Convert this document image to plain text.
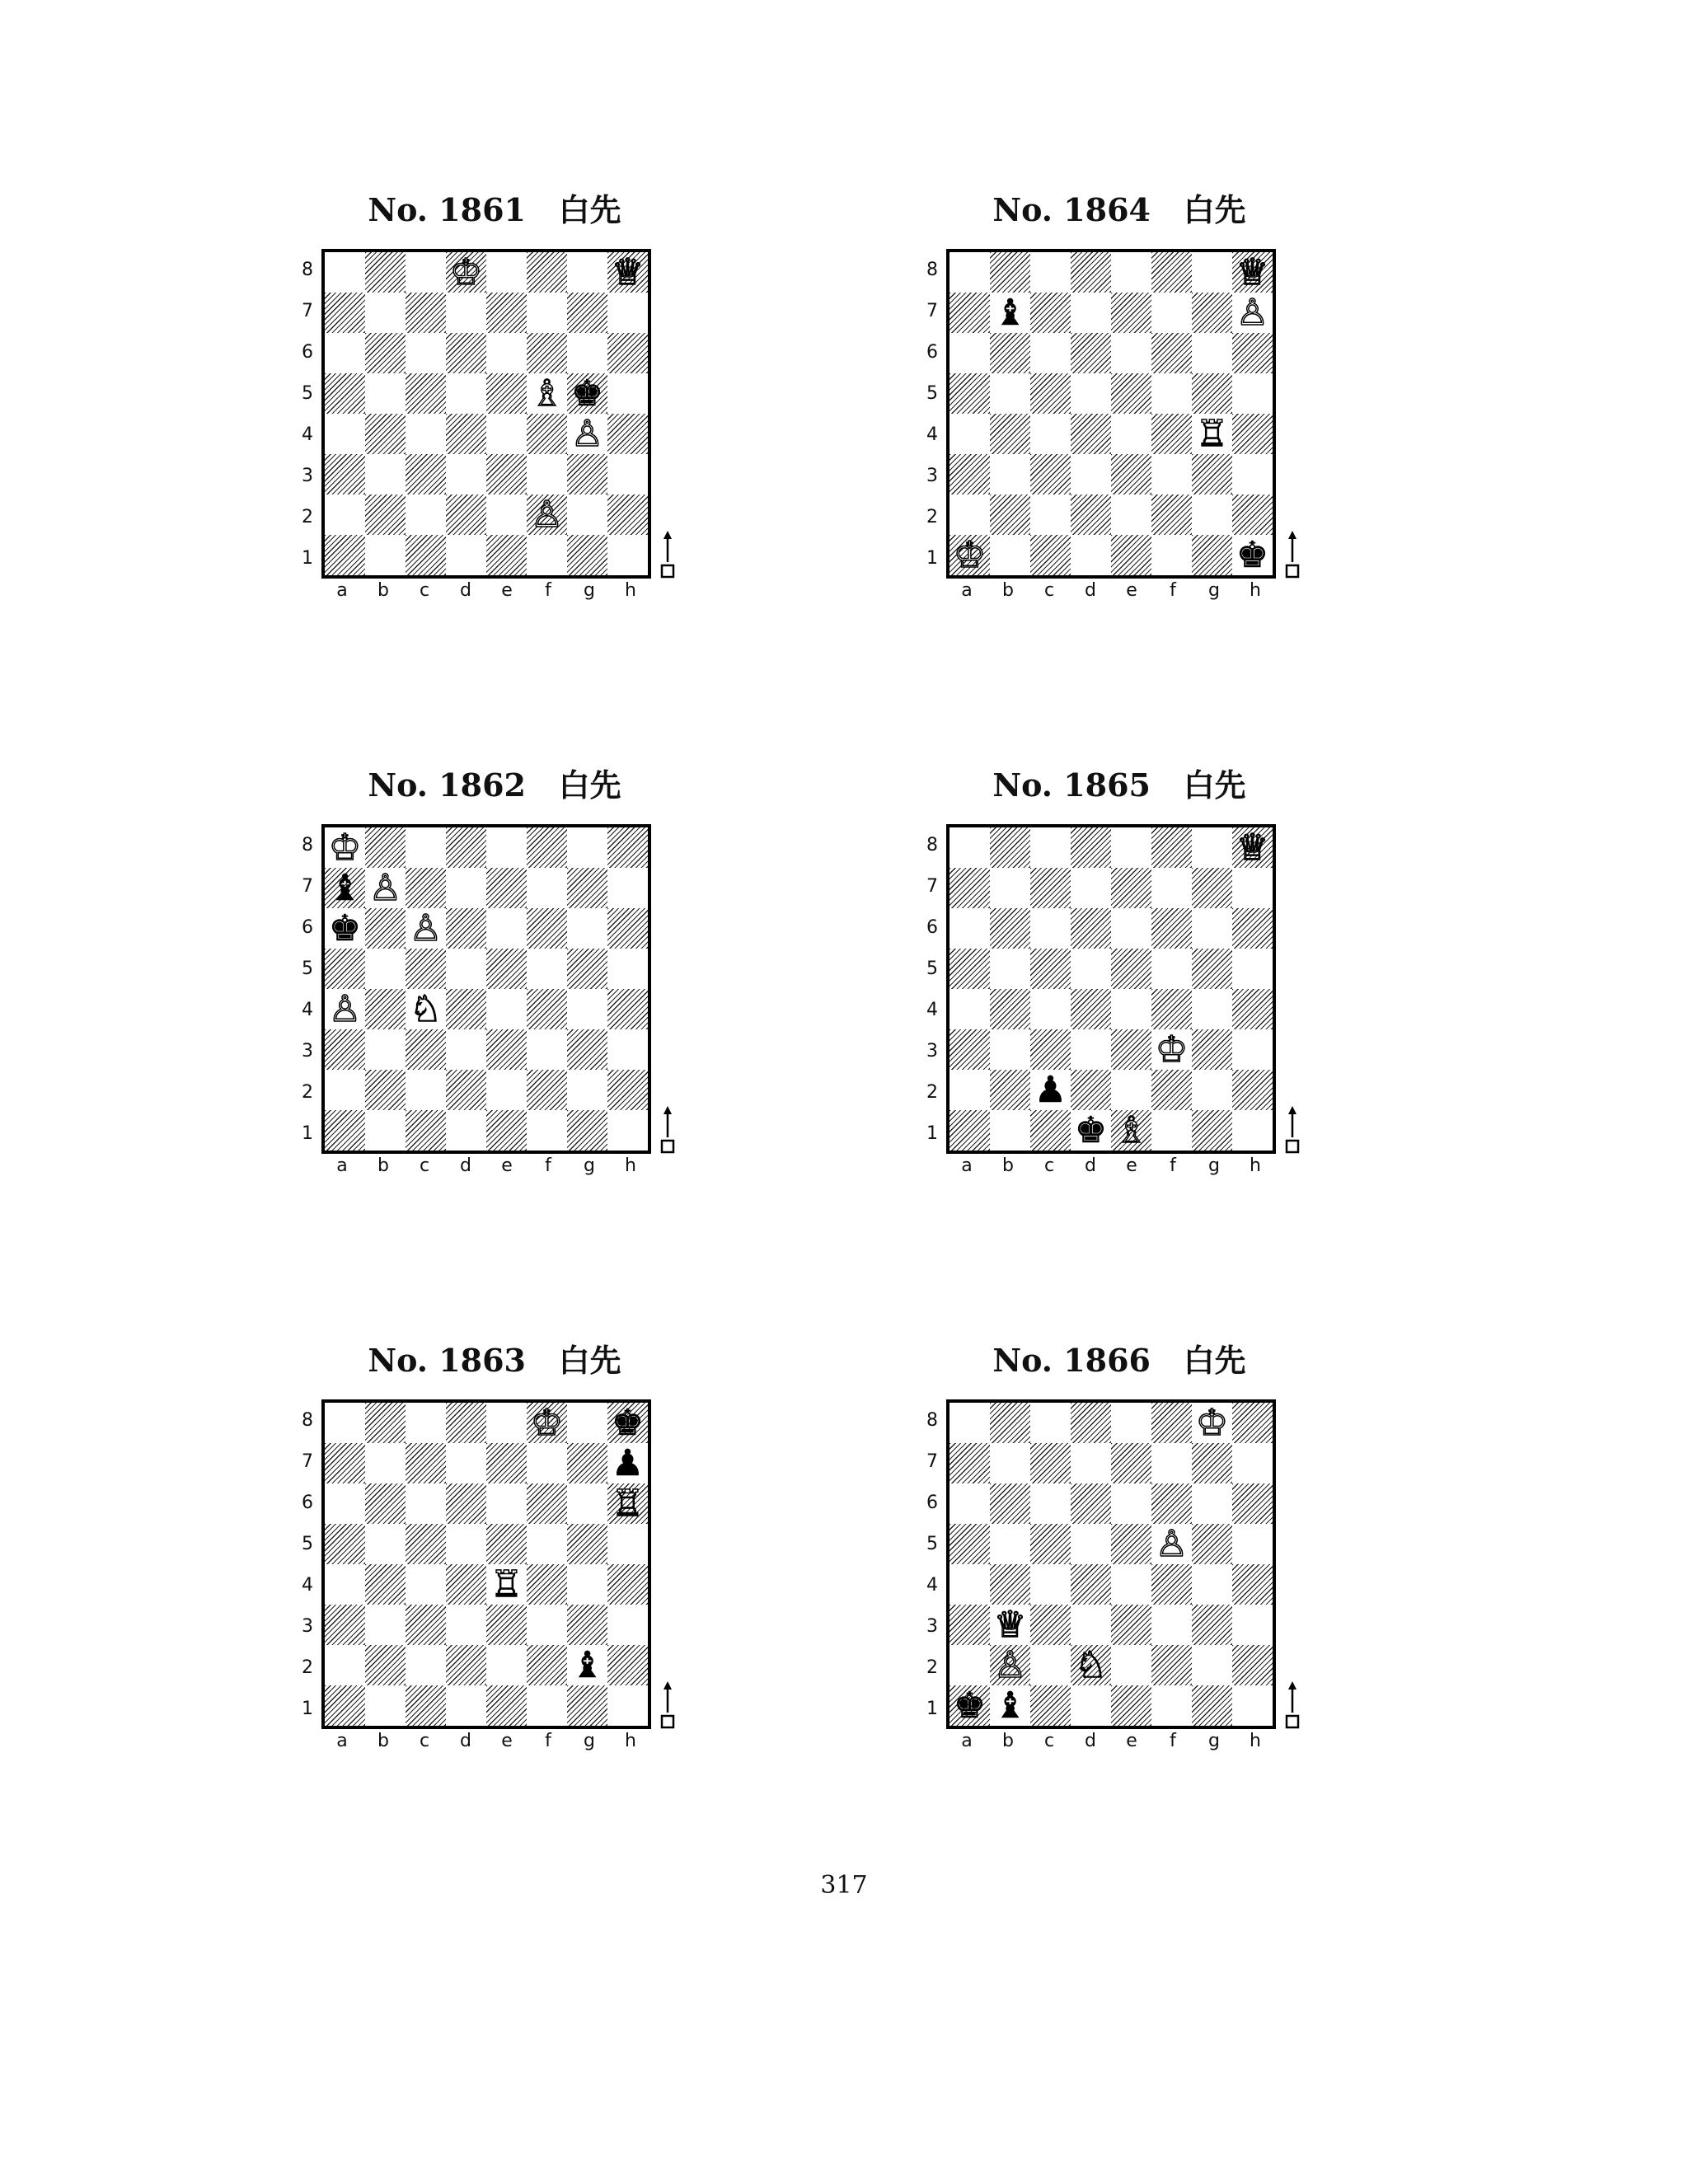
No. 1861   白先
8
7
6
5
4
3
2
1
♔	♕
♗ ♚
♙
♙
a	b	c	d	e	f	g	h
No. 1864   白先
8
7
6
5
4
3
2
1
♕
♝	♙
♖
♔	♚
a	b	c	d	e	f	g	h
No. 1862   白先
8
7
6
5
4
3
2
1
♔
♝ ♙
♚ ♙
♙ ♘
a	b	c	d	e	f	g	h
No. 1865   白先
8
7
6
5
4
3
2
1
♕
♔
♟
♚ ♗
a	b	c	d	e	f	g	h
No. 1863   白先
8
7
6
5
4
3
2
1
♔ ♚
♟
♖
♖
♝
a	b	c	d	e	f	g	h
No. 1866   白先
8
7
6
5
4
3
2
1
♔
♙
♕
♙ ♘
♚ ♝
a	b	c	d	e	f	g	h

317
